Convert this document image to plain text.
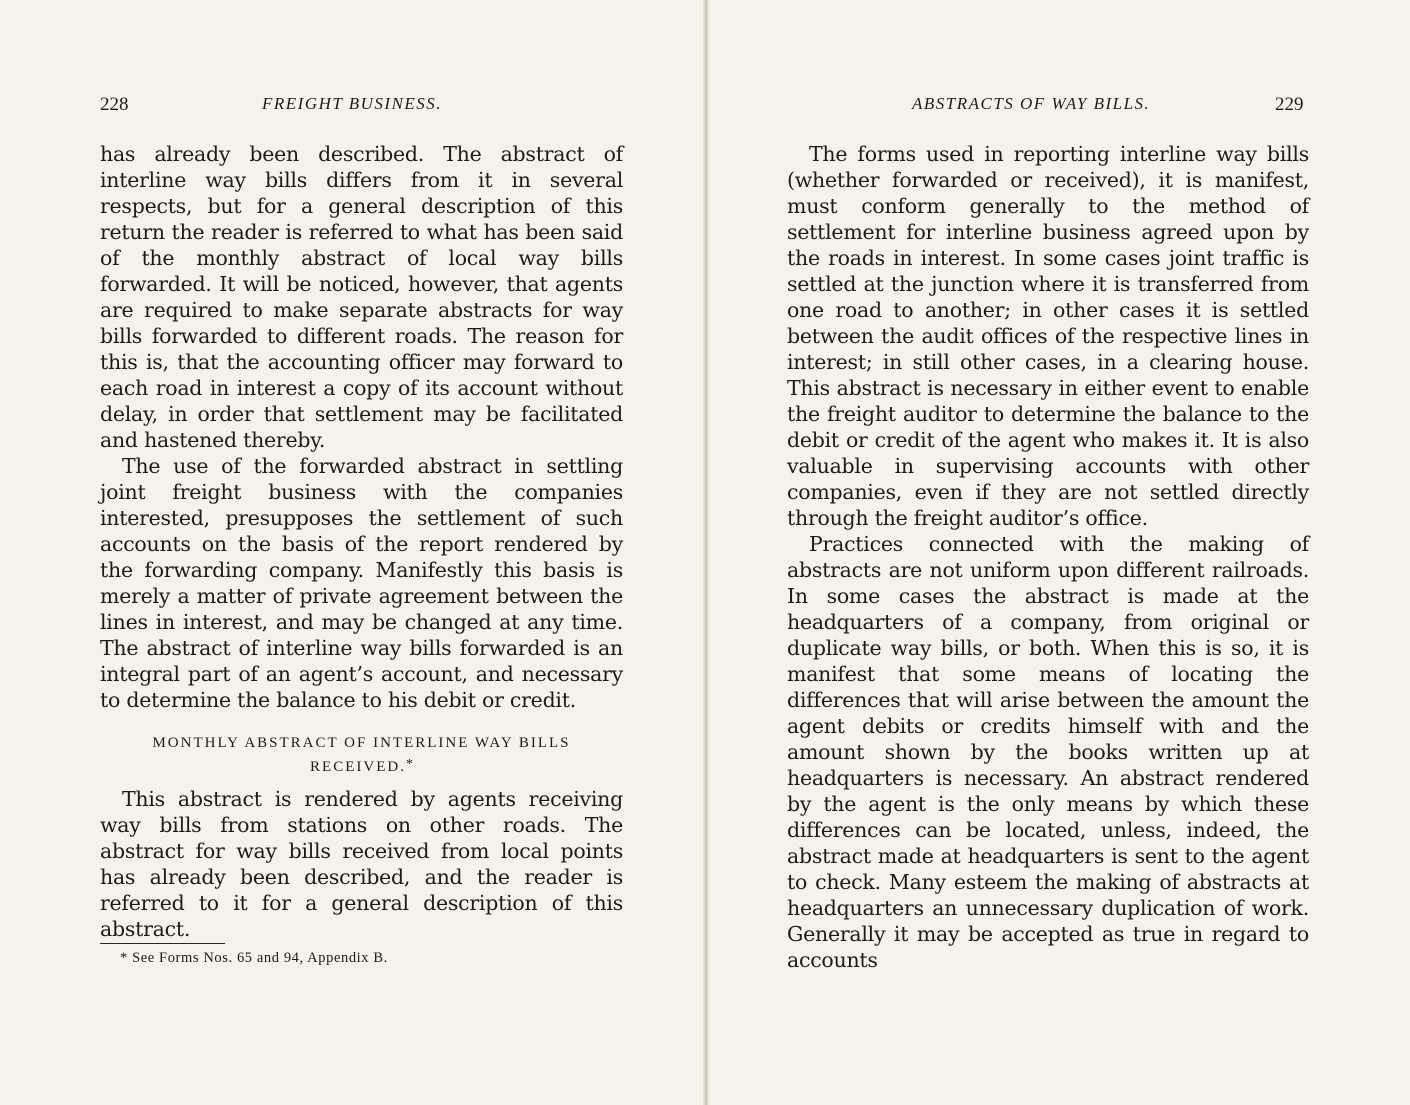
228	FREIGHT BUSINESS.

has already been described. The abstract of interline way bills differs from it in several respects, but for a general description of this return the reader is referred to what has been said of the monthly abstract of local way bills forwarded. It will be noticed, however, that agents are required to make separate abstracts for way bills forwarded to different roads. The reason for this is, that the accounting officer may forward to each road in interest a copy of its account without delay, in order that settlement may be facilitated and hastened thereby.

The use of the forwarded abstract in settling joint freight business with the companies interested, presupposes the settlement of such accounts on the basis of the report rendered by the forwarding company. Manifestly this basis is merely a matter of private agreement between the lines in interest, and may be changed at any time. The abstract of interline way bills forwarded is an integral part of an agent’s account, and necessary to determine the balance to his debit or credit.

MONTHLY ABSTRACT OF INTERLINE WAY BILLS RECEIVED.*

This abstract is rendered by agents receiving way bills from stations on other roads. The abstract for way bills received from local points has already been described, and the reader is referred to it for a general description of this abstract.

* See Forms Nos. 65 and 94, Appendix B.
ABSTRACTS OF WAY BILLS.	229

The forms used in reporting interline way bills (whether forwarded or received), it is manifest, must conform generally to the method of settlement for interline business agreed upon by the roads in interest. In some cases joint traffic is settled at the junction where it is transferred from one road to another; in other cases it is settled between the audit offices of the respective lines in interest; in still other cases, in a clearing house. This abstract is necessary in either event to enable the freight auditor to determine the balance to the debit or credit of the agent who makes it. It is also valuable in supervising accounts with other companies, even if they are not settled directly through the freight auditor’s office.

Practices connected with the making of abstracts are not uniform upon different railroads. In some cases the abstract is made at the headquarters of a company, from original or duplicate way bills, or both. When this is so, it is manifest that some means of locating the differences that will arise between the amount the agent debits or credits himself with and the amount shown by the books written up at headquarters is necessary. An abstract rendered by the agent is the only means by which these differences can be located, unless, indeed, the abstract made at headquarters is sent to the agent to check. Many esteem the making of abstracts at headquarters an unnecessary duplication of work. Generally it may be accepted as true in regard to accounts
